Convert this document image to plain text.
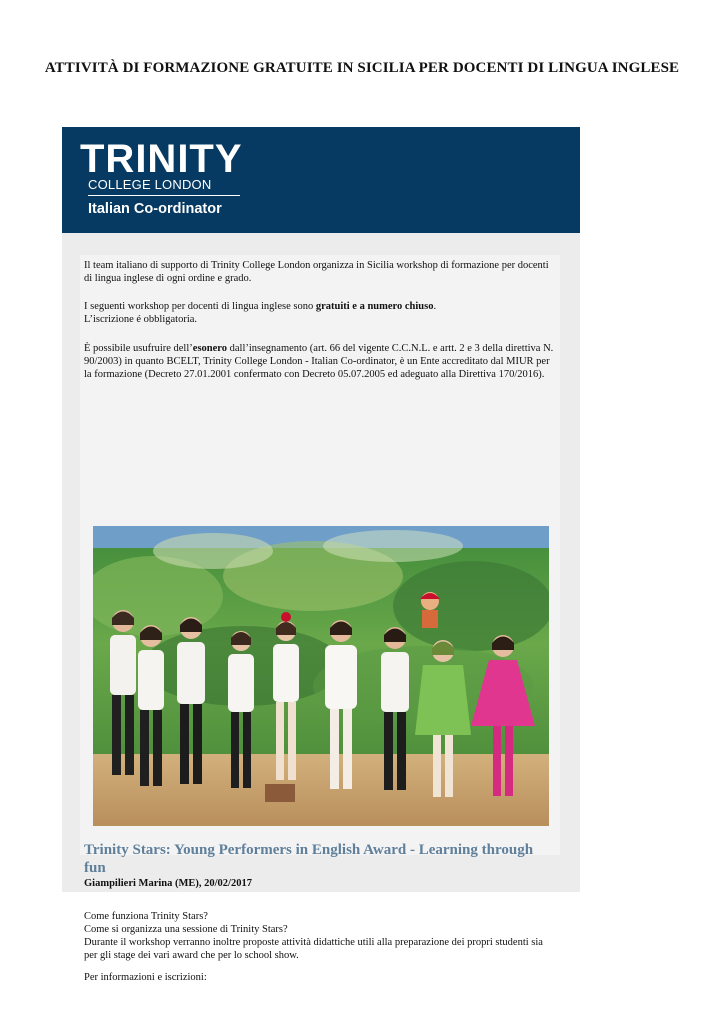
ATTIVITÀ DI FORMAZIONE GRATUITE IN SICILIA PER DOCENTI DI LINGUA INGLESE
TRINITY
COLLEGE LONDON
Italian Co-ordinator

Il team italiano di supporto di Trinity College London organizza in Sicilia workshop di formazione per docenti di lingua inglese di ogni ordine e grado.

I seguenti workshop per docenti di lingua inglese sono gratuiti e a numero chiuso.

L’iscrizione é obbligatoria.

È possibile usufruire dell’esonero dall’insegnamento (art. 66 del vigente C.C.N.L. e artt. 2 e 3 della direttiva N. 90/2003) in quanto BCELT, Trinity College London - Italian Co-ordinator, è un Ente accreditato dal MIUR per la formazione (Decreto 27.01.2001 confermato con Decreto 05.07.2005 ed adeguato alla Direttiva 170/2016).

Trinity Stars: Young Performers in English Award - Learning through fun
Giampilieri Marina (ME), 20/02/2017

Come funziona Trinity Stars?

Come si organizza una sessione di Trinity Stars?

Durante il workshop verranno inoltre proposte attività didattiche utili alla preparazione dei propri studenti sia per gli stage dei vari award che per lo school show.

Per informazioni e iscrizioni:
